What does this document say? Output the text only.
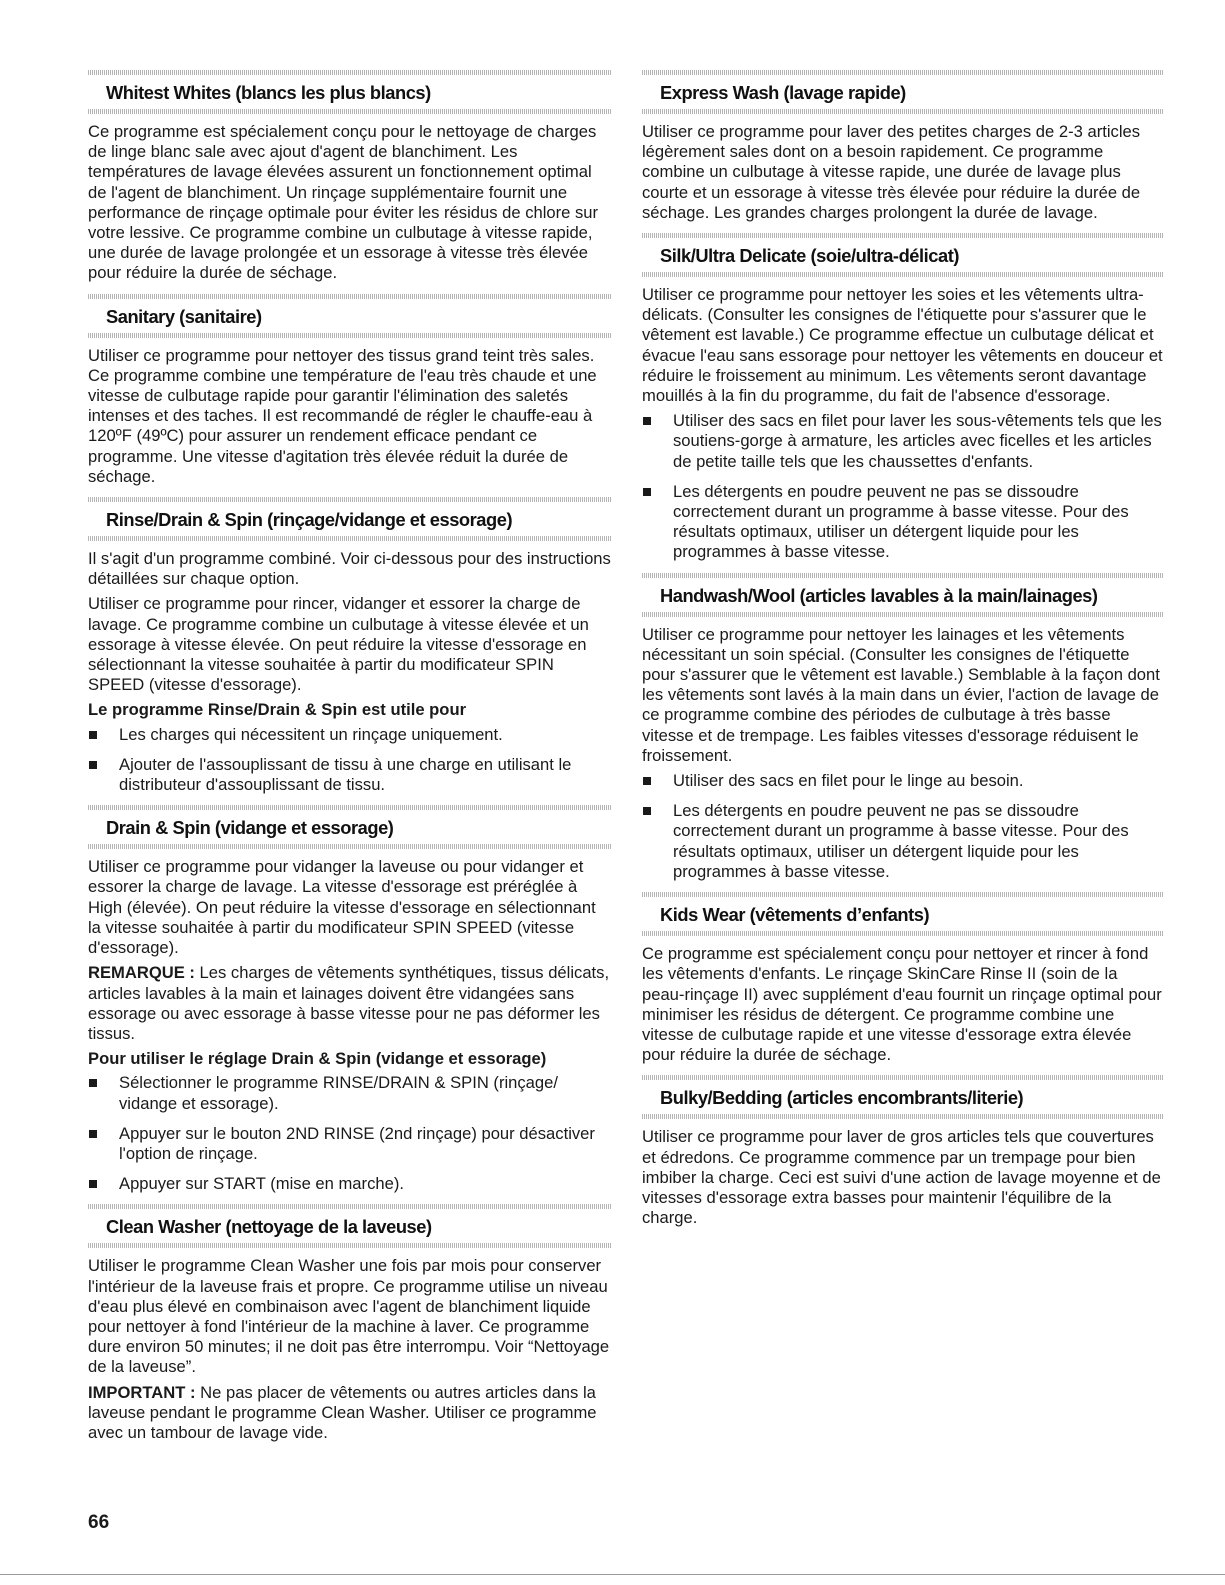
Whitest Whites (blancs les plus blancs)

Ce programme est spécialement conçu pour le nettoyage de charges de linge blanc sale avec ajout d'agent de blanchiment. Les températures de lavage élevées assurent un fonctionnement optimal de l'agent de blanchiment. Un rinçage supplémentaire fournit une performance de rinçage optimale pour éviter les résidus de chlore sur votre lessive. Ce programme combine un culbutage à vitesse rapide, une durée de lavage prolongée et un essorage à vitesse très élevée pour réduire la durée de séchage.

Sanitary (sanitaire)

Utiliser ce programme pour nettoyer des tissus grand teint très sales. Ce programme combine une température de l'eau très chaude et une vitesse de culbutage rapide pour garantir l'élimination des saletés intenses et des taches. Il est recommandé de régler le chauffe-eau à 120ºF (49ºC) pour assurer un rendement efficace pendant ce programme. Une vitesse d'agitation très élevée réduit la durée de séchage.

Rinse/Drain & Spin (rinçage/vidange et essorage)

Il s'agit d'un programme combiné. Voir ci-dessous pour des instructions détaillées sur chaque option.

Utiliser ce programme pour rincer, vidanger et essorer la charge de lavage. Ce programme combine un culbutage à vitesse élevée et un essorage à vitesse élevée. On peut réduire la vitesse d'essorage en sélectionnant la vitesse souhaitée à partir du modificateur SPIN SPEED (vitesse d'essorage).

Le programme Rinse/Drain & Spin est utile pour
Les charges qui nécessitent un rinçage uniquement.
Ajouter de l'assouplissant de tissu à une charge en utilisant le distributeur d'assouplissant de tissu.
Drain & Spin (vidange et essorage)

Utiliser ce programme pour vidanger la laveuse ou pour vidanger et essorer la charge de lavage. La vitesse d'essorage est préréglée à High (élevée). On peut réduire la vitesse d'essorage en sélectionnant la vitesse souhaitée à partir du modificateur SPIN SPEED (vitesse d'essorage).

REMARQUE : Les charges de vêtements synthétiques, tissus délicats, articles lavables à la main et lainages doivent être vidangées sans essorage ou avec essorage à basse vitesse pour ne pas déformer les tissus.

Pour utiliser le réglage Drain & Spin (vidange et essorage)
Sélectionner le programme RINSE/DRAIN & SPIN (rinçage/ vidange et essorage).
Appuyer sur le bouton 2ND RINSE (2nd rinçage) pour désactiver l'option de rinçage.
Appuyer sur START (mise en marche).
Clean Washer (nettoyage de la laveuse)

Utiliser le programme Clean Washer une fois par mois pour conserver l'intérieur de la laveuse frais et propre. Ce programme utilise un niveau d'eau plus élevé en combinaison avec l'agent de blanchiment liquide pour nettoyer à fond l'intérieur de la machine à laver. Ce programme dure environ 50 minutes; il ne doit pas être interrompu. Voir “Nettoyage de la laveuse”.

IMPORTANT : Ne pas placer de vêtements ou autres articles dans la laveuse pendant le programme Clean Washer. Utiliser ce programme avec un tambour de lavage vide.

Express Wash (lavage rapide)

Utiliser ce programme pour laver des petites charges de 2-3 articles légèrement sales dont on a besoin rapidement. Ce programme combine un culbutage à vitesse rapide, une durée de lavage plus courte et un essorage à vitesse très élevée pour réduire la durée de séchage. Les grandes charges prolongent la durée de lavage.

Silk/Ultra Delicate (soie/ultra-délicat)

Utiliser ce programme pour nettoyer les soies et les vêtements ultra-délicats. (Consulter les consignes de l'étiquette pour s'assurer que le vêtement est lavable.) Ce programme effectue un culbutage délicat et évacue l'eau sans essorage pour nettoyer les vêtements en douceur et réduire le froissement au minimum. Les vêtements seront davantage mouillés à la fin du programme, du fait de l'absence d'essorage.

Utiliser des sacs en filet pour laver les sous-vêtements tels que les soutiens-gorge à armature, les articles avec ficelles et les articles de petite taille tels que les chaussettes d'enfants.
Les détergents en poudre peuvent ne pas se dissoudre correctement durant un programme à basse vitesse. Pour des résultats optimaux, utiliser un détergent liquide pour les programmes à basse vitesse.
Handwash/Wool (articles lavables à la main/lainages)

Utiliser ce programme pour nettoyer les lainages et les vêtements nécessitant un soin spécial. (Consulter les consignes de l'étiquette pour s'assurer que le vêtement est lavable.) Semblable à la façon dont les vêtements sont lavés à la main dans un évier, l'action de lavage de ce programme combine des périodes de culbutage à très basse vitesse et de trempage. Les faibles vitesses d'essorage réduisent le froissement.

Utiliser des sacs en filet pour le linge au besoin.
Les détergents en poudre peuvent ne pas se dissoudre correctement durant un programme à basse vitesse. Pour des résultats optimaux, utiliser un détergent liquide pour les programmes à basse vitesse.
Kids Wear (vêtements d’enfants)

Ce programme est spécialement conçu pour nettoyer et rincer à fond les vêtements d'enfants. Le rinçage SkinCare Rinse II (soin de la peau-rinçage II) avec supplément d'eau fournit un rinçage optimal pour minimiser les résidus de détergent. Ce programme combine une vitesse de culbutage rapide et une vitesse d'essorage extra élevée pour réduire la durée de séchage.

Bulky/Bedding (articles encombrants/literie)

Utiliser ce programme pour laver de gros articles tels que couvertures et édredons. Ce programme commence par un trempage pour bien imbiber la charge. Ceci est suivi d'une action de lavage moyenne et de vitesses d'essorage extra basses pour maintenir l'équilibre de la charge.

66
